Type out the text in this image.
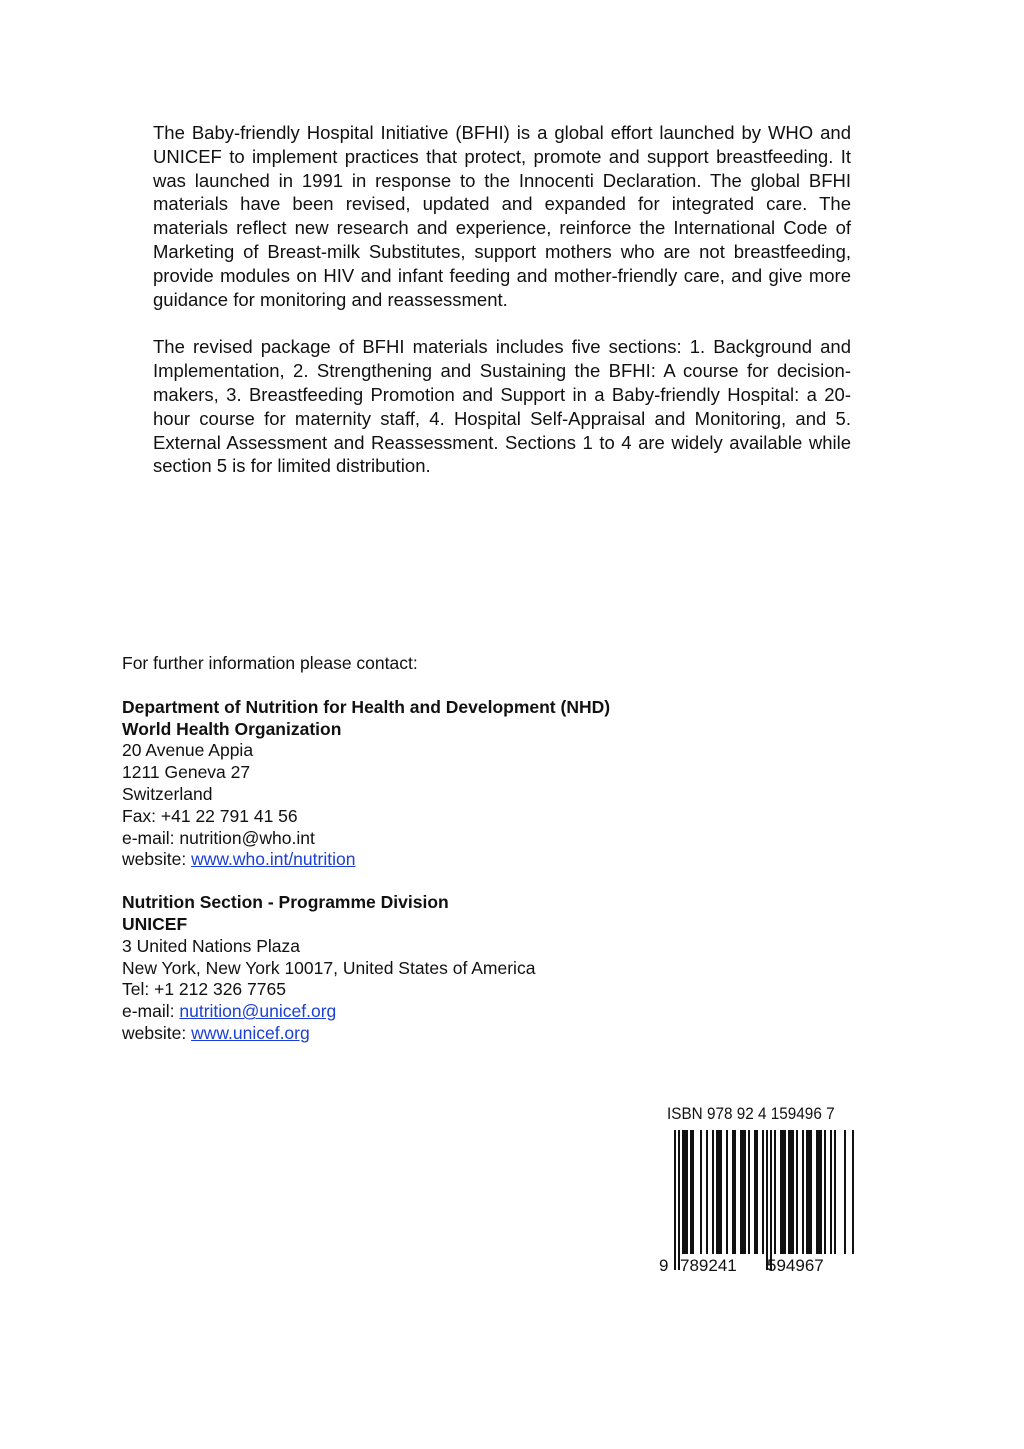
The Baby-friendly Hospital Initiative (BFHI) is a global effort launched by WHO and UNICEF to implement practices that protect, promote and support breastfeeding. It was launched in 1991 in response to the Innocenti Declaration. The global BFHI materials have been revised, updated and expanded for integrated care. The materials reflect new research and experience, reinforce the International Code of Marketing of Breast-milk Substitutes, support mothers who are not breastfeeding, provide modules on HIV and infant feeding and mother-friendly care, and give more guidance for monitoring and reassessment.

The revised package of BFHI materials includes five sections: 1. Background and Implementation, 2. Strengthening and Sustaining the BFHI: A course for decision-makers, 3. Breastfeeding Promotion and Support in a Baby-friendly Hospital: a 20-hour course for maternity staff, 4. Hospital Self-Appraisal and Monitoring, and 5. External Assessment and Reassessment. Sections 1 to 4 are widely available while section 5 is for limited distribution.

For further information please contact:
Department of Nutrition for Health and Development (NHD)
World Health Organization
20 Avenue Appia
1211 Geneva 27
Switzerland
Fax: +41 22 791 41 56
e-mail: nutrition@who.int
website: www.who.int/nutrition
Nutrition Section - Programme Division
UNICEF
3 United Nations Plaza
New York, New York 10017, United States of America
Tel: +1 212 326 7765
e-mail: nutrition@unicef.org
website: www.unicef.org
ISBN 978 92 4 159496 7
9 789241 594967
